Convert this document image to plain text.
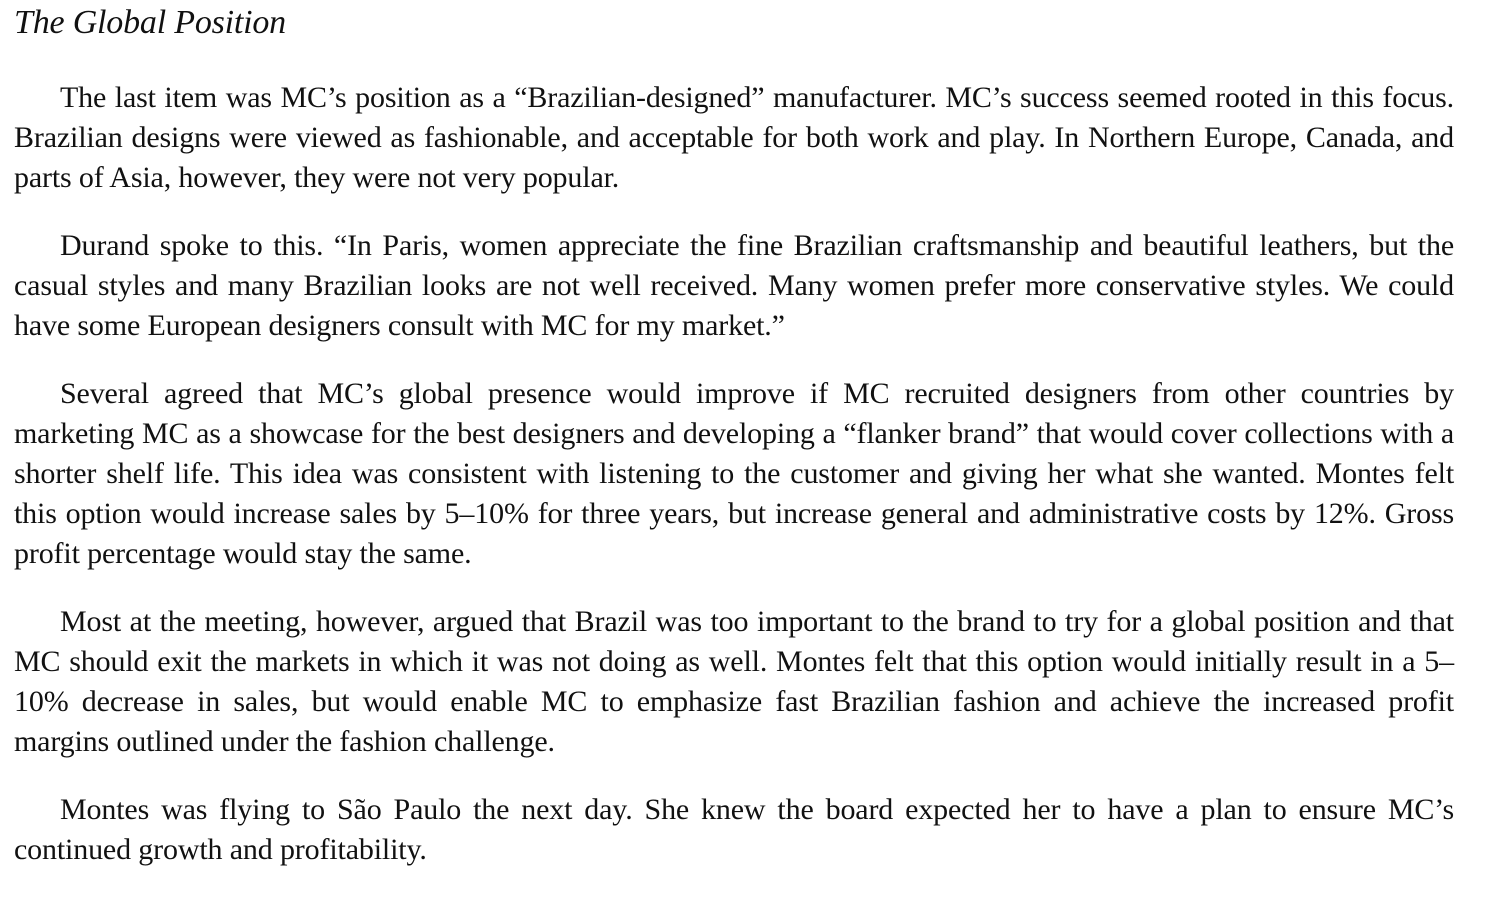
The Global Position

The last item was MC’s position as a “Brazilian-designed” manufacturer. MC’s success seemed rooted in this focus. Brazilian designs were viewed as fashionable, and acceptable for both work and play. In Northern Europe, Canada, and parts of Asia, however, they were not very popular.

Durand spoke to this. “In Paris, women appreciate the fine Brazilian craftsmanship and beautiful leathers, but the casual styles and many Brazilian looks are not well received. Many women prefer more conservative styles. We could have some European designers consult with MC for my market.”

Several agreed that MC’s global presence would improve if MC recruited designers from other countries by marketing MC as a showcase for the best designers and developing a “flanker brand” that would cover collections with a shorter shelf life. This idea was consistent with listening to the customer and giving her what she wanted. Montes felt this option would increase sales by 5–10% for three years, but increase general and administrative costs by 12%. Gross profit percentage would stay the same.

Most at the meeting, however, argued that Brazil was too important to the brand to try for a global position and that MC should exit the markets in which it was not doing as well. Montes felt that this option would initially result in a 5–10% decrease in sales, but would enable MC to emphasize fast Brazilian fashion and achieve the increased profit margins outlined under the fashion challenge.

Montes was flying to São Paulo the next day. She knew the board expected her to have a plan to ensure MC’s continued growth and profitability.
